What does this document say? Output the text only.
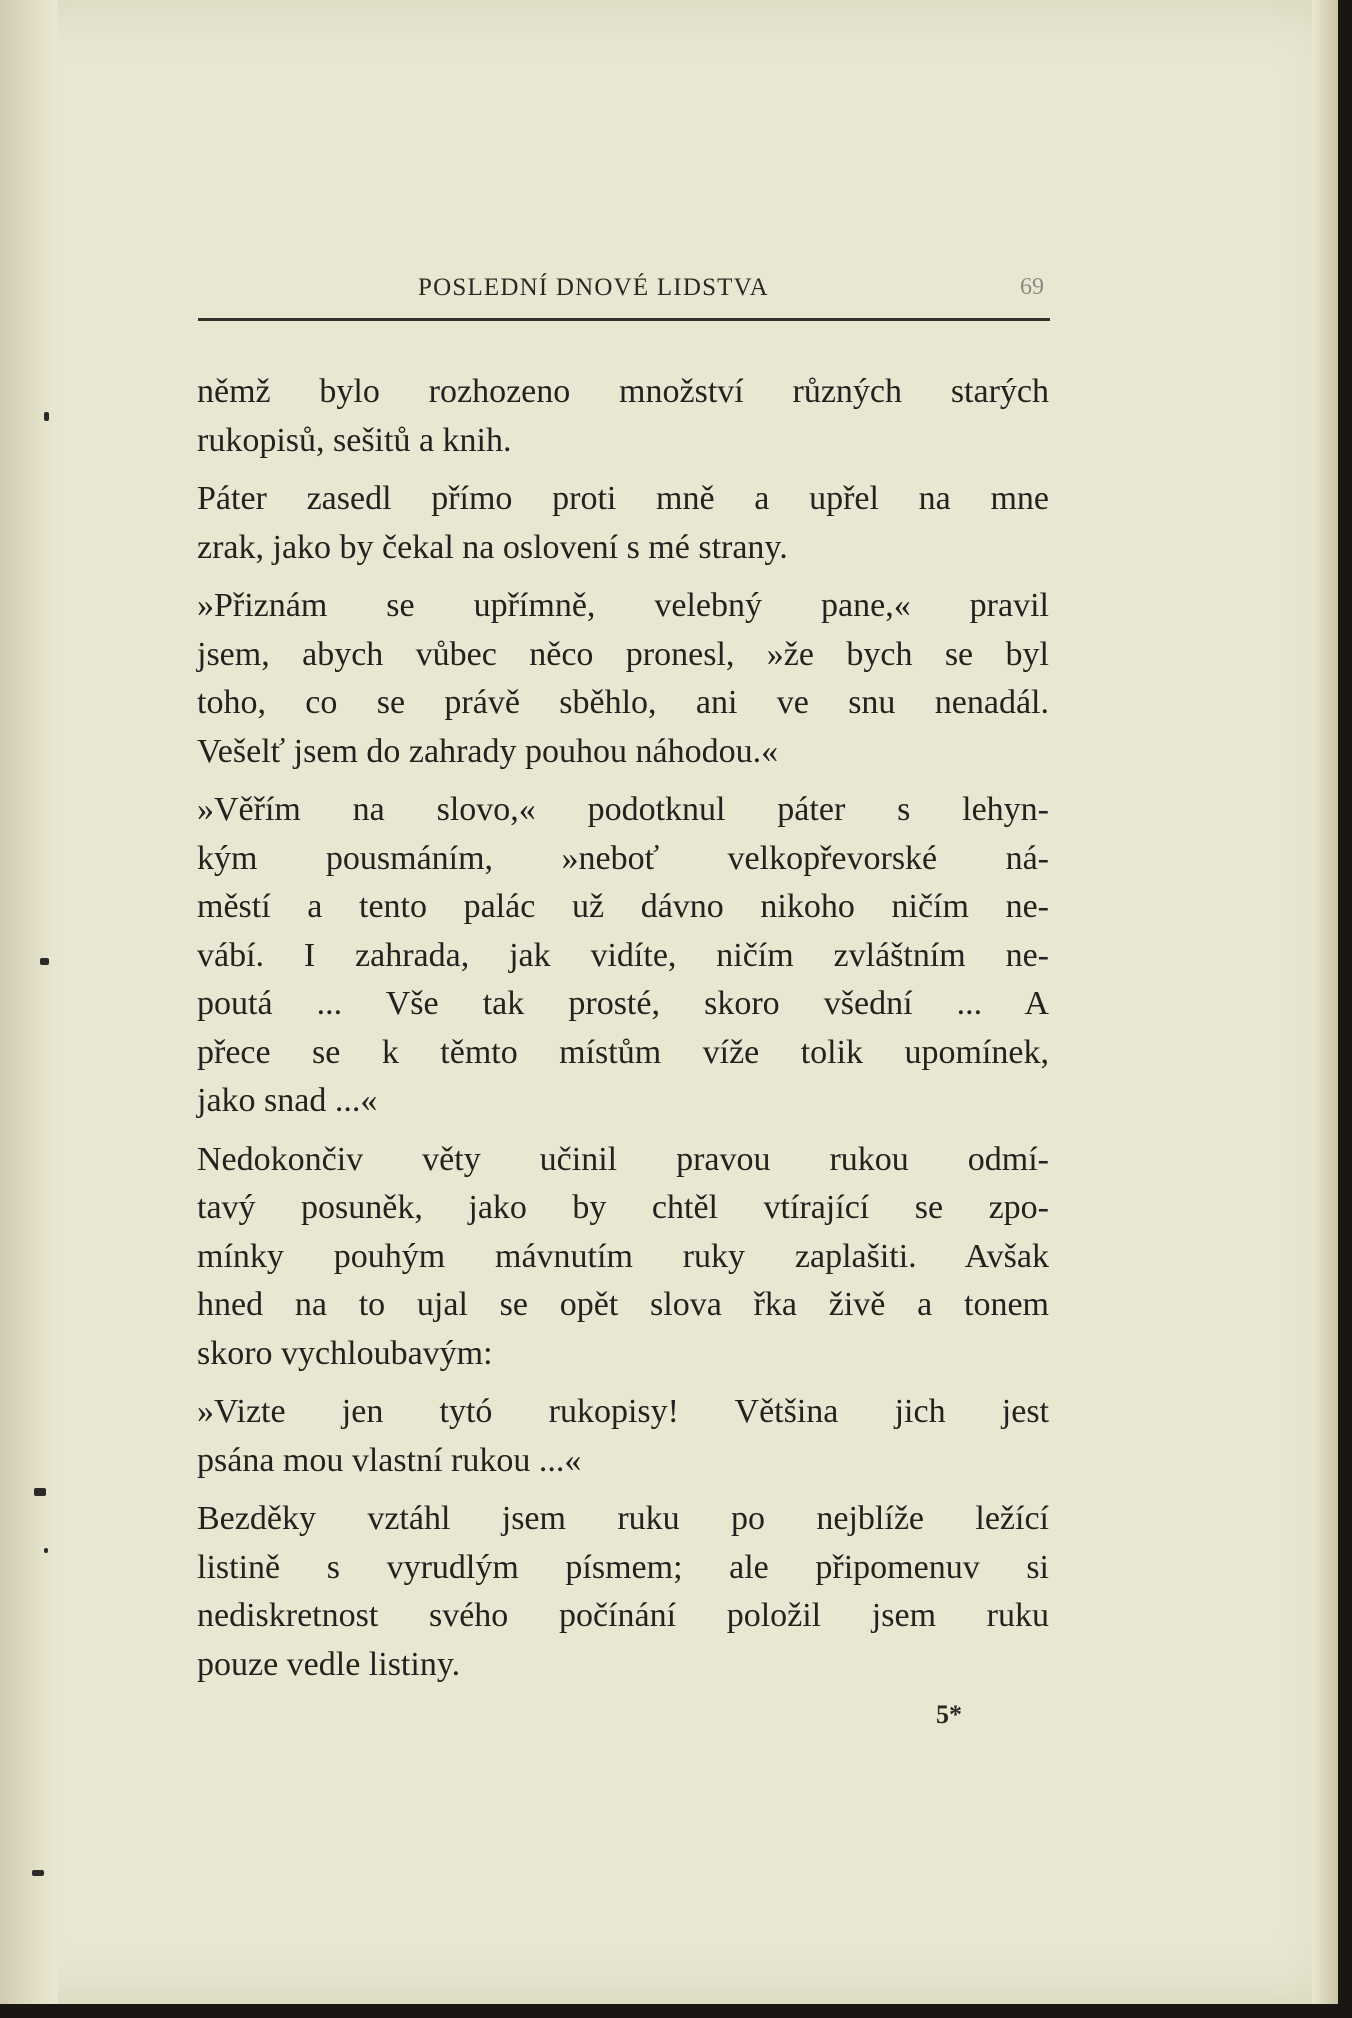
POSLEDNÍ DNOVÉ LIDSTVA	69
němž bylo rozhozeno množství různých starých
rukopisů, sešitů a knih.
Páter zasedl přímo proti mně a upřel na mne
zrak, jako by čekal na oslovení s mé strany.
»Přiznám se upřímně, velebný pane,« pravil
jsem, abych vůbec něco pronesl, »že bych se byl
toho, co se právě sběhlo, ani ve snu nenadál.
Vešelť jsem do zahrady pouhou náhodou.«
»Věřím na slovo,« podotknul páter s lehyn-
kým pousmáním, »neboť velkopřevorské ná-
městí a tento palác už dávno nikoho ničím ne-
vábí. I zahrada, jak vidíte, ničím zvláštním ne-
poutá ... Vše tak prosté, skoro všední ... A
přece se k těmto místům víže tolik upomínek,
jako snad ...«
Nedokončiv věty učinil pravou rukou odmí-
tavý posuněk, jako by chtěl vtírající se zpo-
mínky pouhým mávnutím ruky zaplašiti. Avšak
hned na to ujal se opět slova řka živě a tonem
skoro vychloubavým:
»Vizte jen tytó rukopisy! Většina jich jest
psána mou vlastní rukou ...«
Bezděky vztáhl jsem ruku po nejblíže ležící
listině s vyrudlým písmem; ale připomenuv si
nediskretnost svého počínání položil jsem ruku
pouze vedle listiny.
5*
